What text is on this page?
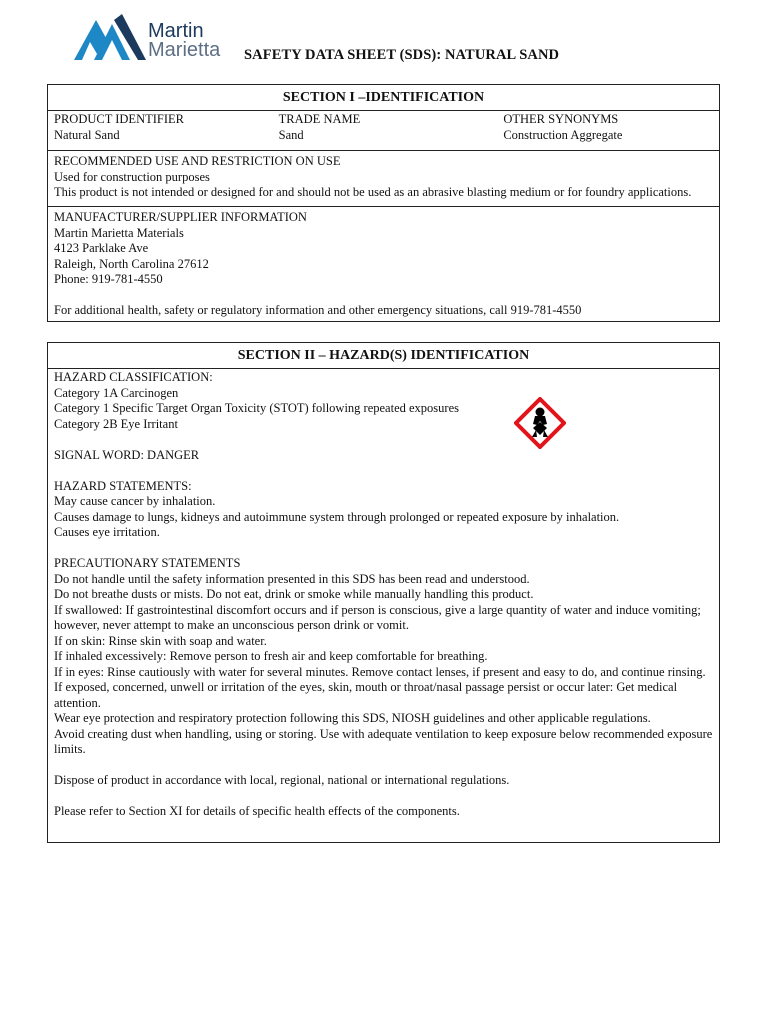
Martin
Marietta SAFETY DATA SHEET (SDS): NATURAL SAND
SECTION I –IDENTIFICATION
PRODUCT IDENTIFIER
Natural Sand
TRADE NAME
Sand
OTHER SYNONYMS
Construction Aggregate
RECOMMENDED USE AND RESTRICTION ON USE
Used for construction purposes
This product is not intended or designed for and should not be used as an abrasive blasting medium or for foundry applications.
MANUFACTURER/SUPPLIER INFORMATION
Martin Marietta Materials
4123 Parklake Ave
Raleigh, North Carolina 27612
Phone: 919-781-4550
For additional health, safety or regulatory information and other emergency situations, call 919-781-4550
SECTION II – HAZARD(S) IDENTIFICATION
HAZARD CLASSIFICATION:
Category 1A Carcinogen
Category 1 Specific Target Organ Toxicity (STOT) following repeated exposures
Category 2B Eye Irritant
SIGNAL WORD: DANGER
HAZARD STATEMENTS:
May cause cancer by inhalation.
Causes damage to lungs, kidneys and autoimmune system through prolonged or repeated exposure by inhalation.
Causes eye irritation.
PRECAUTIONARY STATEMENTS
Do not handle until the safety information presented in this SDS has been read and understood.
Do not breathe dusts or mists. Do not eat, drink or smoke while manually handling this product.
If swallowed: If gastrointestinal discomfort occurs and if person is conscious, give a large quantity of water and induce vomiting; however, never attempt to make an unconscious person drink or vomit.
If on skin: Rinse skin with soap and water.
If inhaled excessively: Remove person to fresh air and keep comfortable for breathing.
If in eyes: Rinse cautiously with water for several minutes. Remove contact lenses, if present and easy to do, and continue rinsing.
If exposed, concerned, unwell or irritation of the eyes, skin, mouth or throat/nasal passage persist or occur later: Get medical attention.
Wear eye protection and respiratory protection following this SDS, NIOSH guidelines and other applicable regulations.
Avoid creating dust when handling, using or storing. Use with adequate ventilation to keep exposure below recommended exposure limits.
Dispose of product in accordance with local, regional, national or international regulations.
Please refer to Section XI for details of specific health effects of the components.
